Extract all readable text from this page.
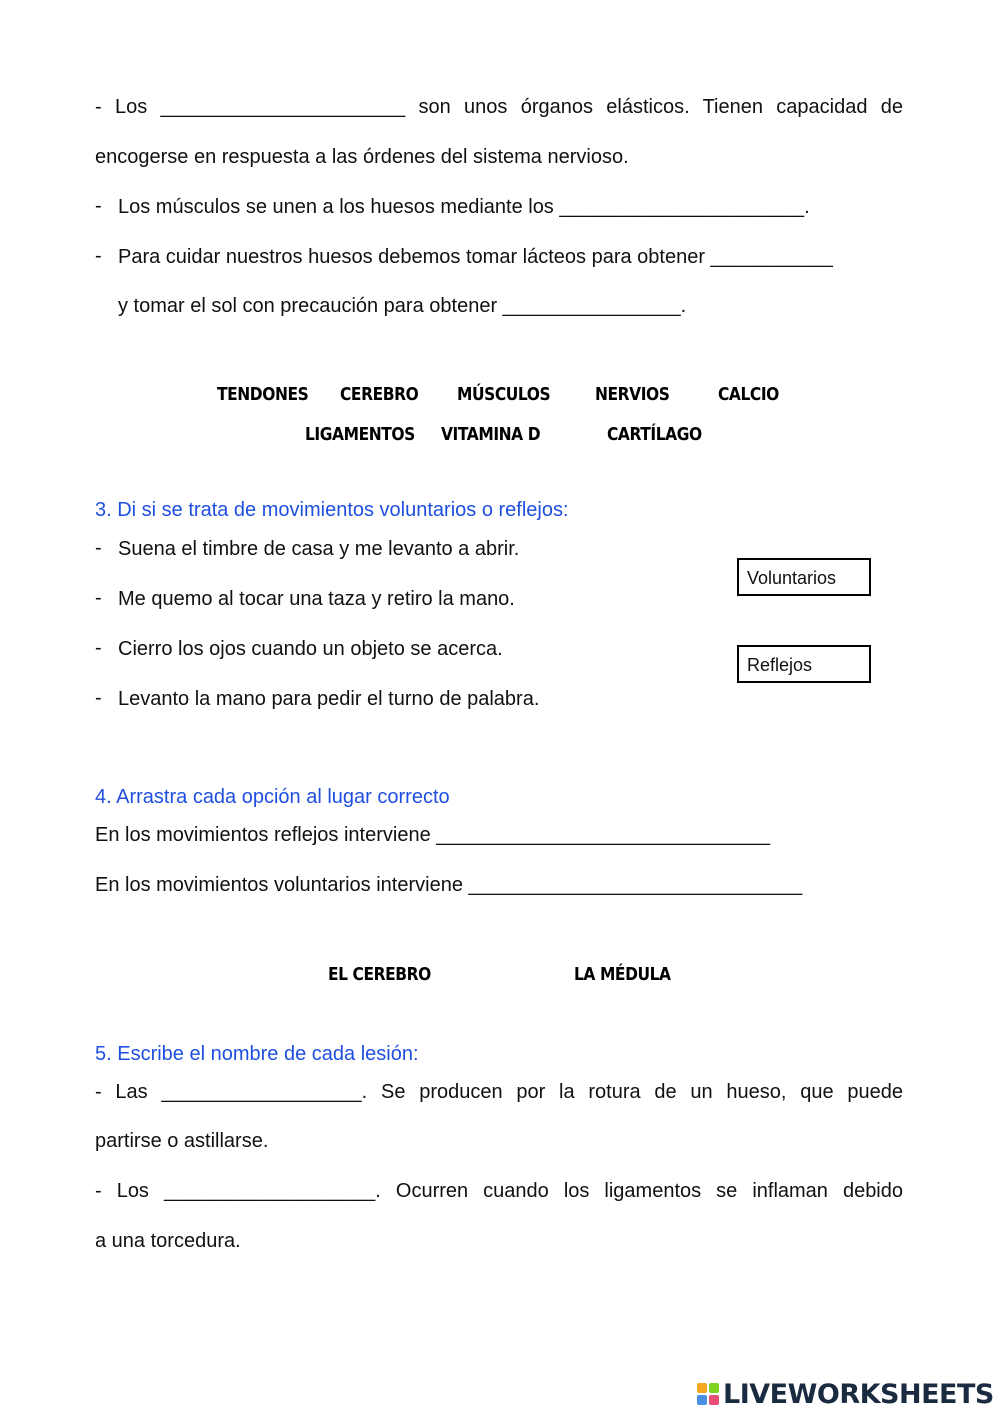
- Los ______________________ son unos órganos elásticos. Tienen capacidad de
encogerse en respuesta a las órdenes del sistema nervioso.
- Los músculos se unen a los huesos mediante los ______________________.
- Para cuidar nuestros huesos debemos tomar lácteos para obtener ___________
y tomar el sol con precaución para obtener ________________.
TENDONES CEREBRO MÚSCULOS NERVIOS	CALCIO
LIGAMENTOS VITAMINA D	CARTÍLAGO
3. Di si se trata de movimientos voluntarios o reflejos:
- Suena el timbre de casa y me levanto a abrir.
- Me quemo al tocar una taza y retiro la mano.
- Cierro los ojos cuando un objeto se acerca.
- Levanto la mano para pedir el turno de palabra.
Voluntarios
Reflejos
4. Arrastra cada opción al lugar correcto
En los movimientos reflejos interviene ______________________________
En los movimientos voluntarios interviene ______________________________
EL CEREBRO	LA MÉDULA
5. Escribe el nombre de cada lesión:
- Las __________________. Se producen por la rotura de un hueso, que puede
partirse o astillarse.
- Los ___________________. Ocurren cuando los ligamentos se inflaman debido
a una torcedura.
LIVEWORKSHEETS
